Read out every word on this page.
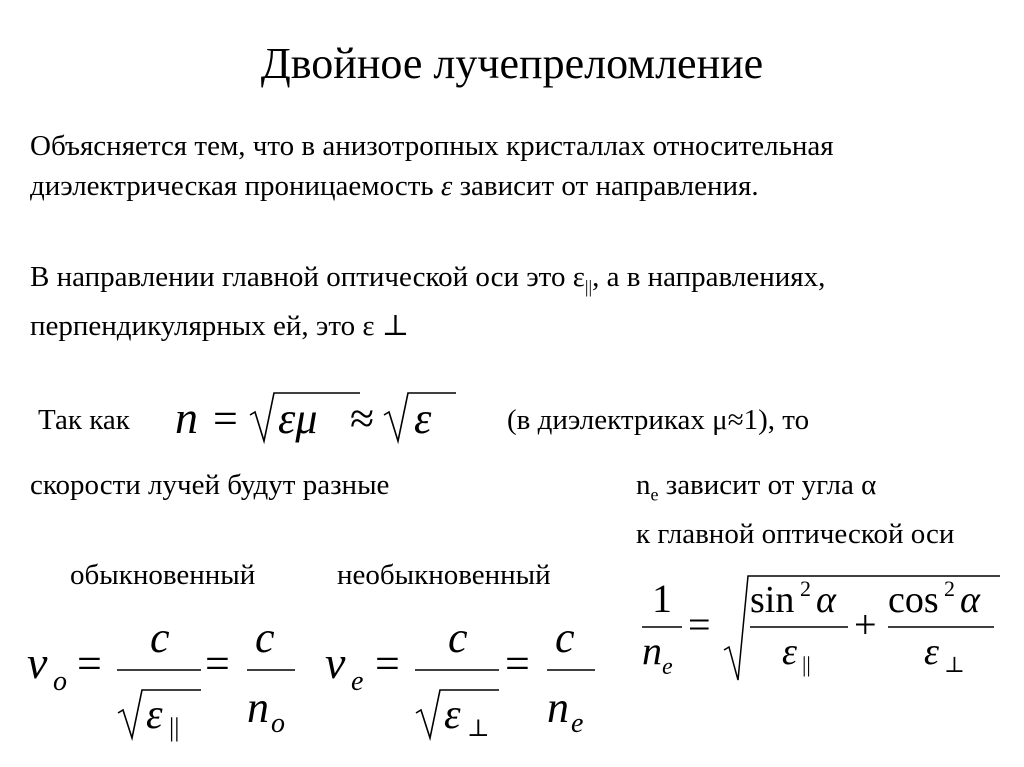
Двойное лучепреломление
Объясняется тем, что в анизотропных кристаллах относительная
диэлектрическая проницаемость ε зависит от направления.
В направлении главной оптической оси это $\varepsilon_{||}$, а в направлениях,
перпендикулярных ей, это ε ⊥
Так как n = εμ ≈ ε	(в диэлектриках μ≈1), то
скорости лучей будут разные	$n_e$ зависит от угла α
к главной оптической оси
обыкновенный	необыкновенный
v o =
c
ε ||
=
c
n o
v e =
c
ε ⊥
=
c
n e
1
n e
=
sin 2 α
ε ||
+
cos 2 α
ε ⊥
